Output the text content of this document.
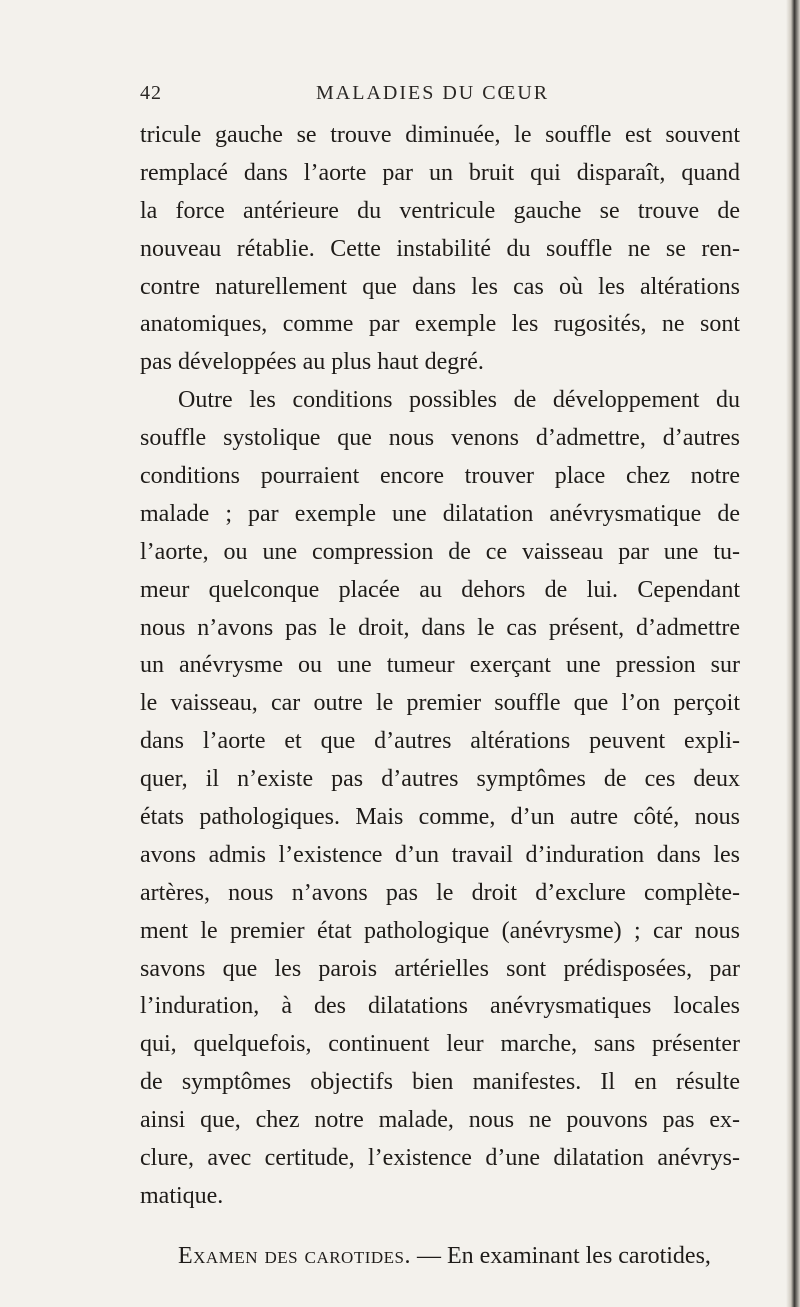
42	MALADIES DU CŒUR
tricule gauche se trouve diminuée, le souffle est souvent
remplacé dans l’aorte par un bruit qui disparaît, quand
la force antérieure du ventricule gauche se trouve de
nouveau rétablie. Cette instabilité du souffle ne se ren-
contre naturellement que dans les cas où les altérations
anatomiques, comme par exemple les rugosités, ne sont
pas développées au plus haut degré.
Outre les conditions possibles de développement du
souffle systolique que nous venons d’admettre, d’autres
conditions pourraient encore trouver place chez notre
malade ; par exemple une dilatation anévrysmatique de
l’aorte, ou une compression de ce vaisseau par une tu-
meur quelconque placée au dehors de lui. Cependant
nous n’avons pas le droit, dans le cas présent, d’admettre
un anévrysme ou une tumeur exerçant une pression sur
le vaisseau, car outre le premier souffle que l’on perçoit
dans l’aorte et que d’autres altérations peuvent expli-
quer, il n’existe pas d’autres symptômes de ces deux
états pathologiques. Mais comme, d’un autre côté, nous
avons admis l’existence d’un travail d’induration dans les
artères, nous n’avons pas le droit d’exclure complète-
ment le premier état pathologique (anévrysme) ; car nous
savons que les parois artérielles sont prédisposées, par
l’induration, à des dilatations anévrysmatiques locales
qui, quelquefois, continuent leur marche, sans présenter
de symptômes objectifs bien manifestes. Il en résulte
ainsi que, chez notre malade, nous ne pouvons pas ex-
clure, avec certitude, l’existence d’une dilatation anévrys-
matique.
Examen des carotides. — En examinant les carotides,
